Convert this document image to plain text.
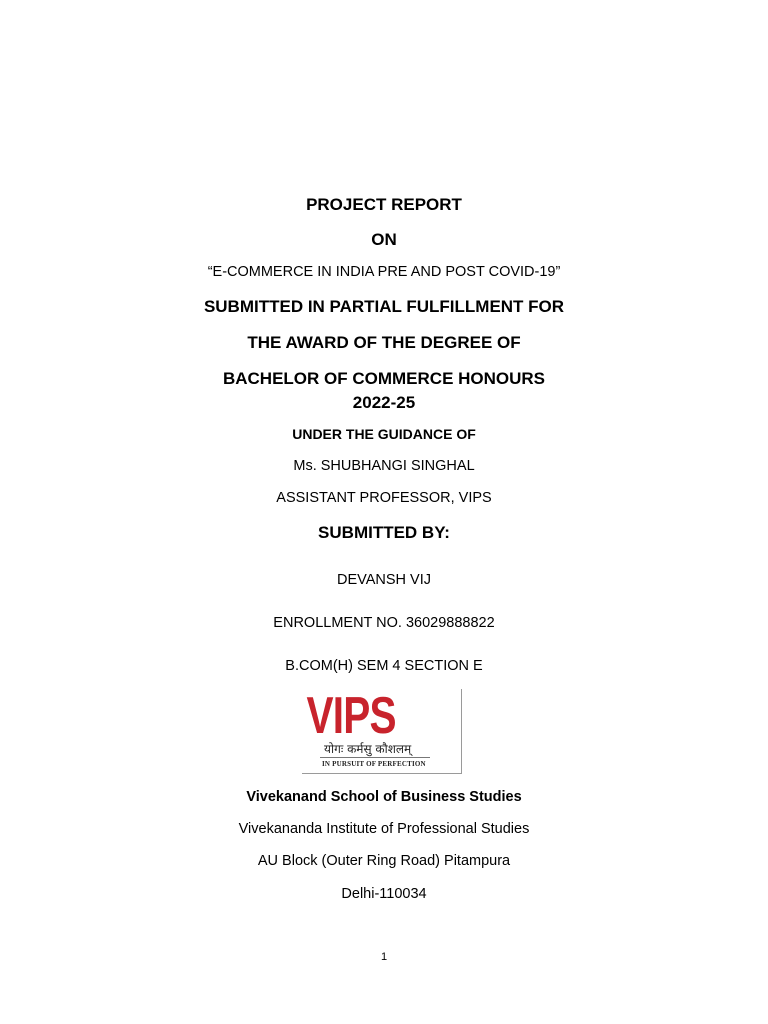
PROJECT REPORT
ON
“E-COMMERCE IN INDIA PRE AND POST COVID-19”
SUBMITTED IN PARTIAL FULFILLMENT FOR
THE AWARD OF THE DEGREE OF
BACHELOR OF COMMERCE HONOURS
2022-25
UNDER THE GUIDANCE OF
Ms. SHUBHANGI SINGHAL
ASSISTANT PROFESSOR, VIPS
SUBMITTED BY:
DEVANSH VIJ
ENROLLMENT NO. 36029888822
B.COM(H) SEM 4 SECTION E
VIPS
योगः कर्मसु कौशलम्
IN PURSUIT OF PERFECTION
Vivekanand School of Business Studies
Vivekananda Institute of Professional Studies
AU Block (Outer Ring Road) Pitampura
Delhi-110034
1
